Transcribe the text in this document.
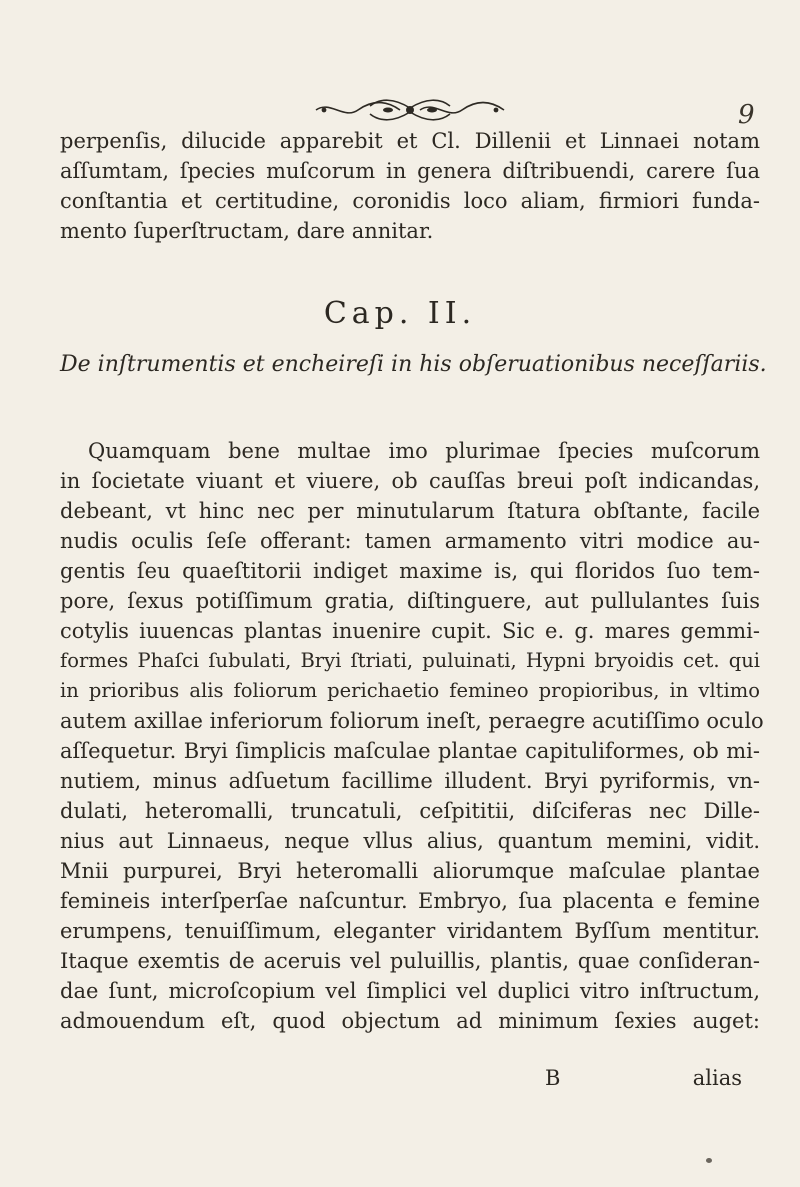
9
perpenſis, dilucide apparebit et Cl. Dillenii et Linnaei notam
aſſumtam, ſpecies muſcorum in genera diſtribuendi, carere ſua
conſtantia et certitudine, coronidis loco aliam, firmiori funda-
mento ſuperſtructam, dare annitar.
Cap. II.
De inſtrumentis et encheireſi in his obſeruationibus neceſſariis.
Quamquam bene multae imo plurimae ſpecies muſcorum
in ſocietate viuant et viuere, ob cauſſas breui poſt indicandas,
debeant, vt hinc nec per minutularum ſtatura obſtante, facile
nudis oculis ſeſe offerant: tamen armamento vitri modice au-
gentis ſeu quaeſtitorii indiget maxime is, qui floridos ſuo tem-
pore, ſexus potiſſimum gratia, diſtinguere, aut pullulantes ſuis
cotylis iuuencas plantas inuenire cupit. Sic e. g. mares gemmi-
formes Phaſci ſubulati, Bryi ſtriati, puluinati, Hypni bryoidis cet. qui
in prioribus alis foliorum perichaetio femineo propioribus, in vltimo
autem axillae inferiorum foliorum ineſt, peraegre acutiſſimo oculo
aſſequetur. Bryi ſimplicis maſculae plantae capituliformes, ob mi-
nutiem, minus adſuetum facillime illudent. Bryi pyriformis, vn-
dulati, heteromalli, truncatuli, ceſpititii, diſciferas nec Dille-
nius aut Linnaeus, neque vllus alius, quantum memini, vidit.
Mnii purpurei, Bryi heteromalli aliorumque maſculae plantae
femineis interſperſae naſcuntur. Embryo, ſua placenta e femine
erumpens, tenuiſſimum, eleganter viridantem Byſſum mentitur.
Itaque exemtis de aceruis vel puluillis, plantis, quae conſideran-
dae ſunt, microſcopium vel ſimplici vel duplici vitro inſtructum,
admouendum eſt, quod objectum ad minimum ſexies auget:
B	alias
